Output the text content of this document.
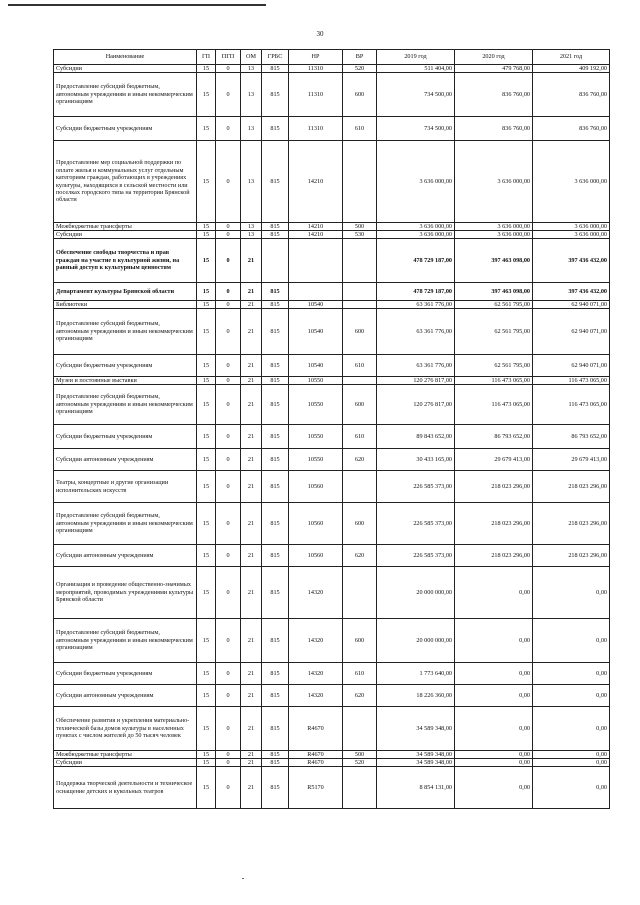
30
Наименование	ГП	ПГП	ОМ	ГРБС	НР	ВР	2019 год	2020 год	2021 год
Субсидии	15	0	13	815	11310	520	511 404,00	479 768,00	409 192,00
Предоставление субсидий бюджетным, автономным учреждениям и иным некоммерческим организациям	15	0	13	815	11310	600	734 500,00	836 760,00	836 760,00
Субсидии бюджетным учреждениям	15	0	13	815	11310	610	734 500,00	836 760,00	836 760,00
Предоставление мер социальной поддержки по оплате жилья и коммунальных услуг отдельным категориям граждан, работающих в учреждениях культуры, находящихся в сельской местности или поселках городского типа на территории Брянской области	15	0	13	815	14210		3 636 000,00	3 636 000,00	3 636 000,00
Межбюджетные трансферты	15	0	13	815	14210	500	3 636 000,00	3 636 000,00	3 636 000,00
Субсидии	15	0	13	815	14210	530	3 636 000,00	3 636 000,00	3 636 000,00
Обеспечение свободы творчества и прав граждан на участие в культурной жизни, на равный доступ к культурным ценностям	15	0	21				478 729 187,00	397 463 098,00	397 436 432,00
Департамент культуры Брянской области	15	0	21	815			478 729 187,00	397 463 098,00	397 436 432,00
Библиотеки	15	0	21	815	10540		63 361 776,00	62 561 795,00	62 940 071,00
Предоставление субсидий бюджетным, автономным учреждениям и иным некоммерческим организациям	15	0	21	815	10540	600	63 361 776,00	62 561 795,00	62 940 071,00
Субсидии бюджетным учреждениям	15	0	21	815	10540	610	63 361 776,00	62 561 795,00	62 940 071,00
Музеи и постоянные выставки	15	0	21	815	10550		120 276 817,00	116 473 065,00	116 473 065,00
Предоставление субсидий бюджетным, автономным учреждениям и иным некоммерческим организациям	15	0	21	815	10550	600	120 276 817,00	116 473 065,00	116 473 065,00
Субсидии бюджетным учреждениям	15	0	21	815	10550	610	89 843 652,00	86 793 652,00	86 793 652,00
Субсидии автономным учреждениям	15	0	21	815	10550	620	30 433 165,00	29 679 413,00	29 679 413,00
Театры, концертные и другие организации исполнительских искусств	15	0	21	815	10560		226 585 373,00	218 023 296,00	218 023 296,00
Предоставление субсидий бюджетным, автономным учреждениям и иным некоммерческим организациям	15	0	21	815	10560	600	226 585 373,00	218 023 296,00	218 023 296,00
Субсидии автономным учреждениям	15	0	21	815	10560	620	226 585 373,00	218 023 296,00	218 023 296,00
Организация и проведение общественно-значимых мероприятий, проводимых учреждениями культуры Брянской области	15	0	21	815	14320		20 000 000,00	0,00	0,00
Предоставление субсидий бюджетным, автономным учреждениям и иным некоммерческим организациям	15	0	21	815	14320	600	20 000 000,00	0,00	0,00
Субсидии бюджетным учреждениям	15	0	21	815	14320	610	1 773 640,00	0,00	0,00
Субсидии автономным учреждениям	15	0	21	815	14320	620	18 226 360,00	0,00	0,00
Обеспечение развития и укрепления материально-технической базы домов культуры в населенных пунктах с числом жителей до 50 тысяч человек	15	0	21	815	R4670		34 589 348,00	0,00	0,00
Межбюджетные трансферты	15	0	21	815	R4670	500	34 589 348,00	0,00	0,00
Субсидии	15	0	21	815	R4670	520	34 589 348,00	0,00	0,00
Поддержка творческой деятельности и техническое оснащение детских и кукольных театров	15	0	21	815	R5170		8 854 131,00	0,00	0,00
